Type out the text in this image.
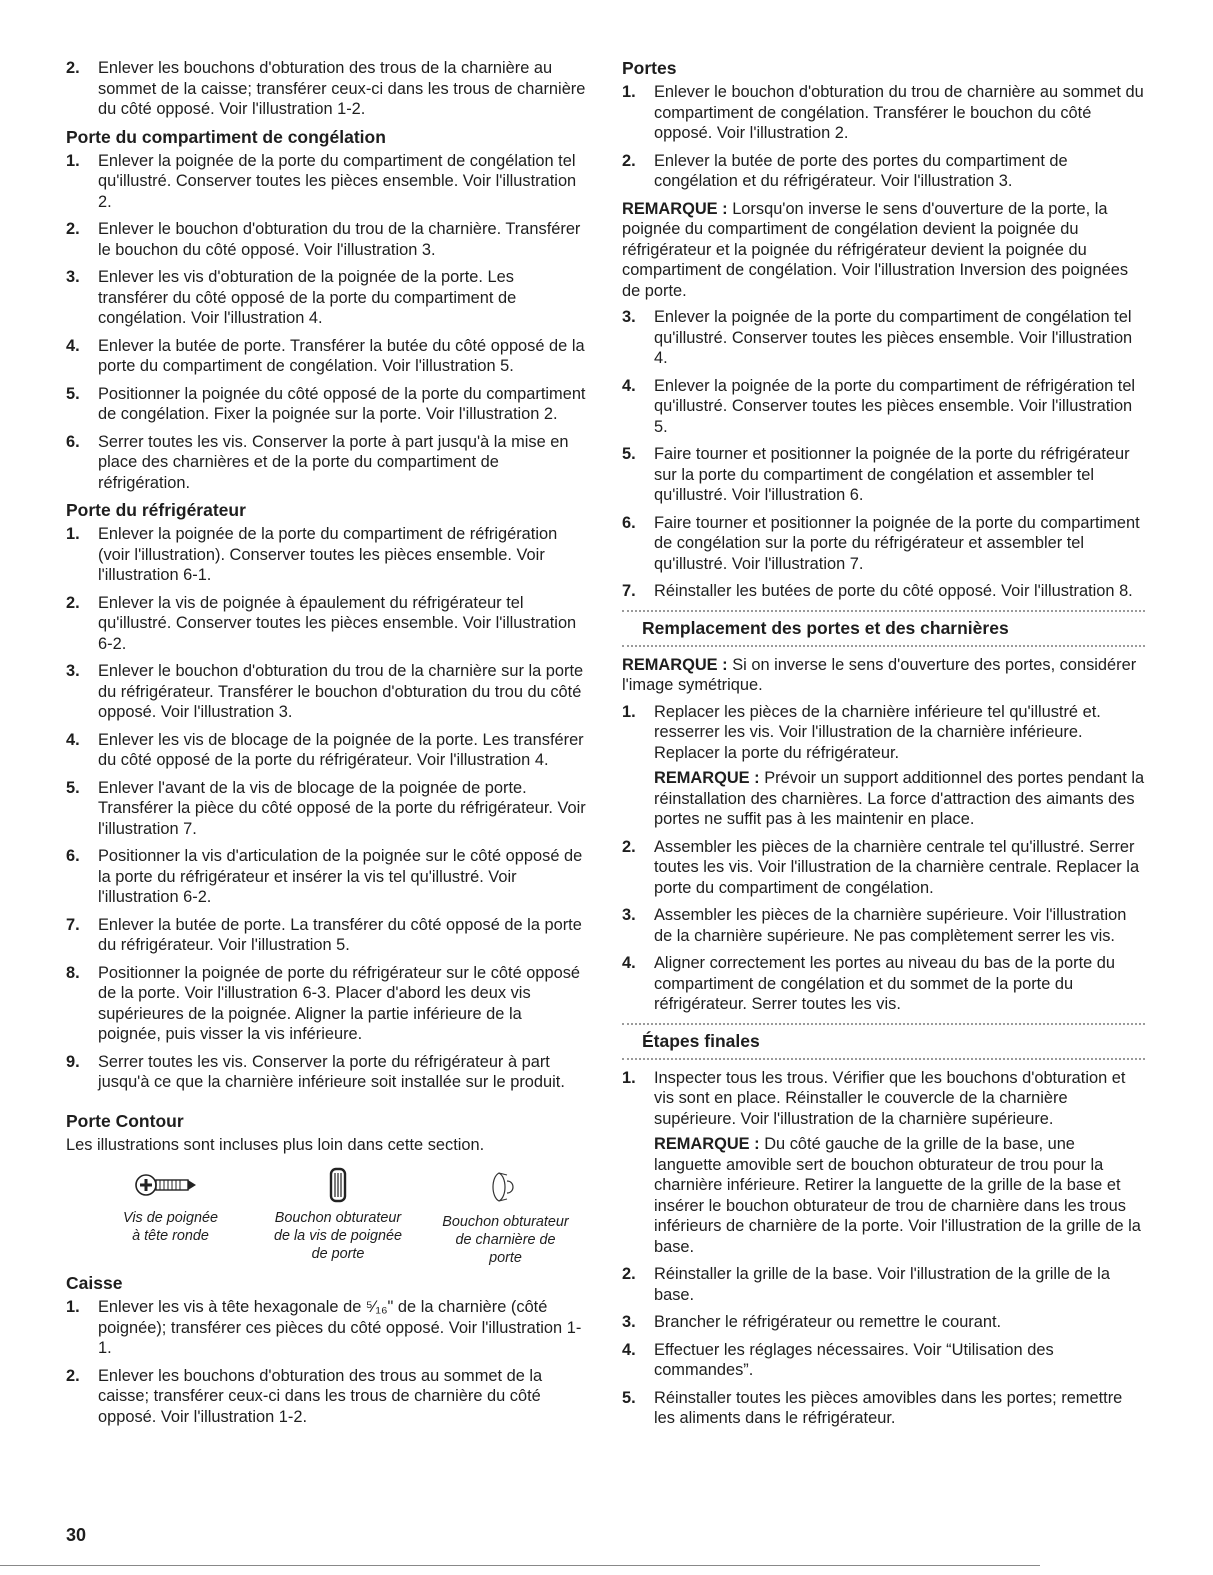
2. Enlever les bouchons d'obturation des trous de la charnière au sommet de la caisse; transférer ceux-ci dans les trous de charnière du côté opposé. Voir l'illustration 1-2.
Porte du compartiment de congélation
1. Enlever la poignée de la porte du compartiment de congélation tel qu'illustré. Conserver toutes les pièces ensemble. Voir l'illustration 2.
2. Enlever le bouchon d'obturation du trou de la charnière. Transférer le bouchon du côté opposé. Voir l'illustration 3.
3. Enlever les vis d'obturation de la poignée de la porte. Les transférer du côté opposé de la porte du compartiment de congélation. Voir l'illustration 4.
4. Enlever la butée de porte. Transférer la butée du côté opposé de la porte du compartiment de congélation. Voir l'illustration 5.
5. Positionner la poignée du côté opposé de la porte du compartiment de congélation. Fixer la poignée sur la porte. Voir l'illustration 2.
6. Serrer toutes les vis. Conserver la porte à part jusqu'à la mise en place des charnières et de la porte du compartiment de réfrigération.
Porte du réfrigérateur
1. Enlever la poignée de la porte du compartiment de réfrigération (voir l'illustration). Conserver toutes les pièces ensemble. Voir l'illustration 6-1.
2. Enlever la vis de poignée à épaulement du réfrigérateur tel qu'illustré. Conserver toutes les pièces ensemble. Voir l'illustration 6-2.
3. Enlever le bouchon d'obturation du trou de la charnière sur la porte du réfrigérateur. Transférer le bouchon d'obturation du trou du côté opposé. Voir l'illustration 3.
4. Enlever les vis de blocage de la poignée de la porte. Les transférer du côté opposé de la porte du réfrigérateur. Voir l'illustration 4.
5. Enlever l'avant de la vis de blocage de la poignée de porte. Transférer la pièce du côté opposé de la porte du réfrigérateur. Voir l'illustration 7.
6. Positionner la vis d'articulation de la poignée sur le côté opposé de la porte du réfrigérateur et insérer la vis tel qu'illustré. Voir l'illustration 6-2.
7. Enlever la butée de porte. La transférer du côté opposé de la porte du réfrigérateur. Voir l'illustration 5.
8. Positionner la poignée de porte du réfrigérateur sur le côté opposé de la porte. Voir l'illustration 6-3. Placer d'abord les deux vis supérieures de la poignée. Aligner la partie inférieure de la poignée, puis visser la vis inférieure.
9. Serrer toutes les vis. Conserver la porte du réfrigérateur à part jusqu'à ce que la charnière inférieure soit installée sur le produit.
Porte Contour
Les illustrations sont incluses plus loin dans cette section.
Vis de poignée
à tête ronde
Bouchon obturateur
de la vis de poignée
de porte
Bouchon obturateur
de charnière de
porte
Caisse
1. Enlever les vis à tête hexagonale de ⁵⁄₁₆" de la charnière (côté poignée); transférer ces pièces du côté opposé. Voir l'illustration 1-1.
2. Enlever les bouchons d'obturation des trous au sommet de la caisse; transférer ceux-ci dans les trous de charnière du côté opposé. Voir l'illustration 1-2.
Portes
1. Enlever le bouchon d'obturation du trou de charnière au sommet du compartiment de congélation. Transférer le bouchon du côté opposé. Voir l'illustration 2.
2. Enlever la butée de porte des portes du compartiment de congélation et du réfrigérateur. Voir l'illustration 3.
REMARQUE : Lorsqu'on inverse le sens d'ouverture de la porte, la poignée du compartiment de congélation devient la poignée du réfrigérateur et la poignée du réfrigérateur devient la poignée du compartiment de congélation. Voir l'illustration Inversion des poignées de porte.
3. Enlever la poignée de la porte du compartiment de congélation tel qu'illustré. Conserver toutes les pièces ensemble. Voir l'illustration 4.
4. Enlever la poignée de la porte du compartiment de réfrigération tel qu'illustré. Conserver toutes les pièces ensemble. Voir l'illustration 5.
5. Faire tourner et positionner la poignée de la porte du réfrigérateur sur la porte du compartiment de congélation et assembler tel qu'illustré. Voir l'illustration 6.
6. Faire tourner et positionner la poignée de la porte du compartiment de congélation sur la porte du réfrigérateur et assembler tel qu'illustré. Voir l'illustration 7.
7. Réinstaller les butées de porte du côté opposé. Voir l'illustration 8.
Remplacement des portes et des charnières
REMARQUE : Si on inverse le sens d'ouverture des portes, considérer l'image symétrique.
1. Replacer les pièces de la charnière inférieure tel qu'illustré et. resserrer les vis. Voir l'illustration de la charnière inférieure. Replacer la porte du réfrigérateur.
REMARQUE : Prévoir un support additionnel des portes pendant la réinstallation des charnières. La force d'attraction des aimants des portes ne suffit pas à les maintenir en place.
2. Assembler les pièces de la charnière centrale tel qu'illustré. Serrer toutes les vis. Voir l'illustration de la charnière centrale. Replacer la porte du compartiment de congélation.
3. Assembler les pièces de la charnière supérieure. Voir l'illustration de la charnière supérieure. Ne pas complètement serrer les vis.
4. Aligner correctement les portes au niveau du bas de la porte du compartiment de congélation et du sommet de la porte du réfrigérateur. Serrer toutes les vis.
Étapes finales
1. Inspecter tous les trous. Vérifier que les bouchons d'obturation et vis sont en place. Réinstaller le couvercle de la charnière supérieure. Voir l'illustration de la charnière supérieure.
REMARQUE : Du côté gauche de la grille de la base, une languette amovible sert de bouchon obturateur de trou pour la charnière inférieure. Retirer la languette de la grille de la base et insérer le bouchon obturateur de trou de charnière dans les trous inférieurs de charnière de la porte. Voir l'illustration de la grille de la base.
2. Réinstaller la grille de la base. Voir l'illustration de la grille de la base.
3. Brancher le réfrigérateur ou remettre le courant.
4. Effectuer les réglages nécessaires. Voir “Utilisation des commandes”.
5. Réinstaller toutes les pièces amovibles dans les portes; remettre les aliments dans le réfrigérateur.
30
